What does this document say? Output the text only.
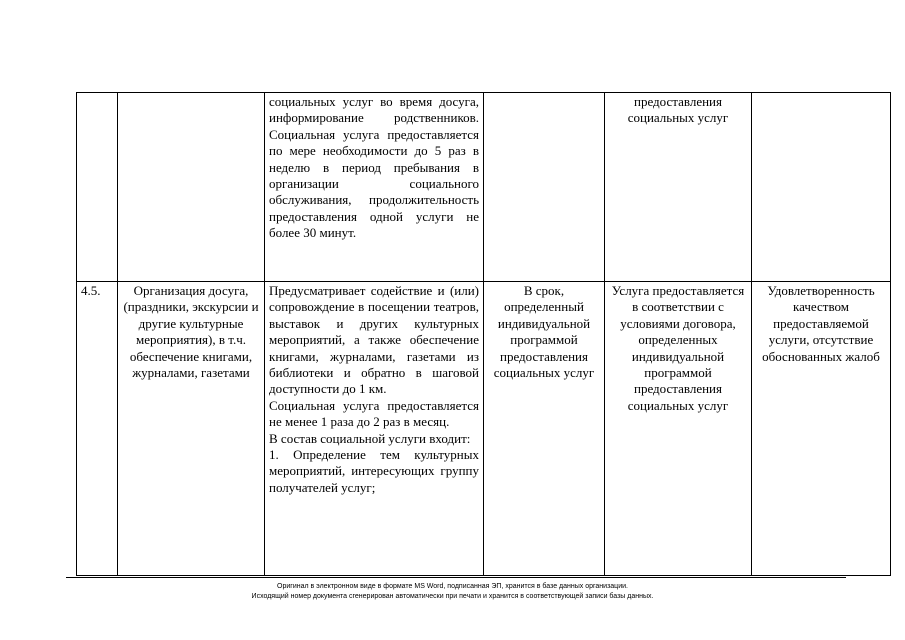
		социальных услуг во время досуга, информирование родственников. Социальная услуга предоставляется по мере необходимости до 5 раз в неделю в период пребывания в организации социального обслуживания, продолжительность предоставления одной услуги не более 30 минут.		предоставления социальных услуг	

4.5.	Организация досуга, (праздники, экскурсии и другие культурные мероприятия), в т.ч. обеспечение книгами, журналами, газетами	Предусматривает содействие и (или) сопровождение в посещении театров, выставок и других культурных мероприятий, а также обеспечение книгами, журналами, газетами из библиотеки и обратно в шаговой доступности до 1 км.
Социальная услуга предоставляется не менее 1 раза до 2 раз в месяц.
В состав социальной услуги входит:
1. Определение тем культурных мероприятий, интересующих группу получателей услуг;	В срок, определенный индивидуальной программой предоставления социальных услуг	Услуга предоставляется в соответствии с условиями договора, определенных индивидуальной программой предоставления социальных услуг	Удовлетворенность качеством предоставляемой услуги, отсутствие обоснованных жалоб
Оригинал в электронном виде в формате MS Word, подписанная ЭП, хранится в базе данных организации.
Исходящий номер документа сгенерирован автоматически при печати и хранится в соответствующей записи базы данных.
